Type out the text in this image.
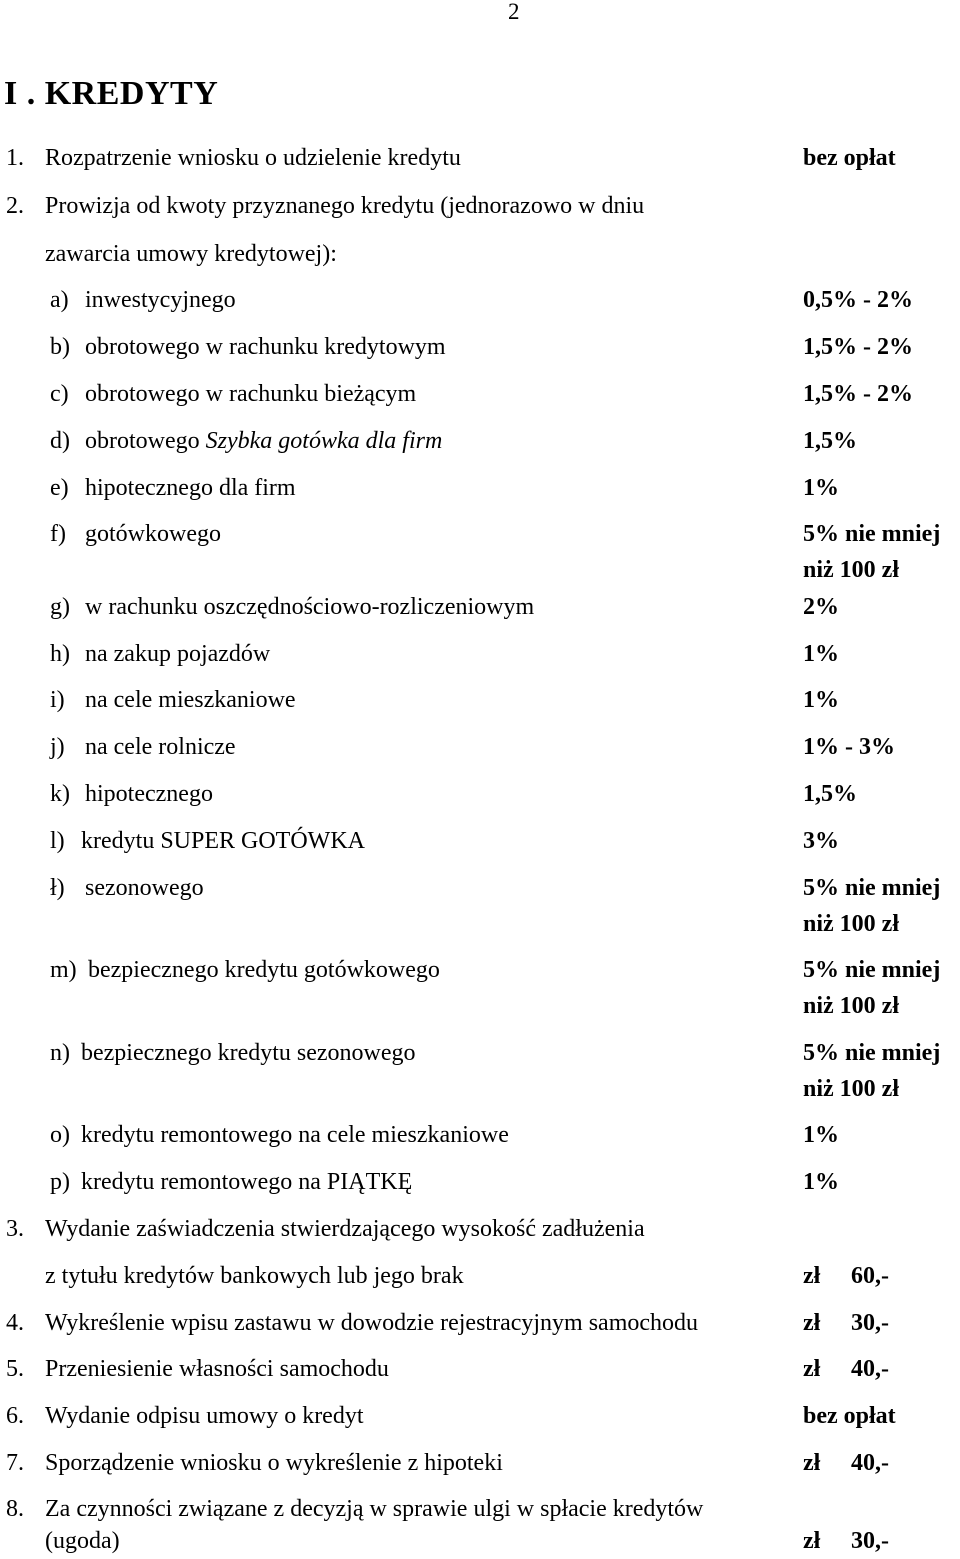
2
I . KREDYTY
1. Rozpatrzenie wniosku o udzielenie kredytu	bez opłat
2. Prowizja od kwoty przyznanego kredytu (jednorazowo w dniu
zawarcia umowy kredytowej):
a) inwestycyjnego	0,5% - 2%
b) obrotowego w rachunku kredytowym	1,5% - 2%
c) obrotowego w rachunku bieżącym	1,5% - 2%
d) obrotowego Szybka gotówka dla firm	1,5%
e) hipotecznego dla firm	1%
f) gotówkowego	5% nie mniej
niż 100 zł
g) w rachunku oszczędnościowo-rozliczeniowym	2%
h) na zakup pojazdów	1%
i) na cele mieszkaniowe	1%
j) na cele rolnicze	1% - 3%
k) hipotecznego	1,5%
l) kredytu SUPER GOTÓWKA	3%
ł) sezonowego	5% nie mniej
niż 100 zł
m) bezpiecznego kredytu gotówkowego	5% nie mniej
niż 100 zł
n) bezpiecznego kredytu sezonowego	5% nie mniej
niż 100 zł
o) kredytu remontowego na cele mieszkaniowe	1%
p) kredytu remontowego na PIĄTKĘ	1%
3. Wydanie zaświadczenia stwierdzającego wysokość zadłużenia
z tytułu kredytów bankowych lub jego brak	zł 60,-
4. Wykreślenie wpisu zastawu w dowodzie rejestracyjnym samochodu	zł 30,-
5. Przeniesienie własności samochodu	zł 40,-
6. Wydanie odpisu umowy o kredyt	bez opłat
7. Sporządzenie wniosku o wykreślenie z hipoteki	zł 40,-
8. Za czynności związane z decyzją w sprawie ulgi w spłacie kredytów
(ugoda)	zł 30,-
